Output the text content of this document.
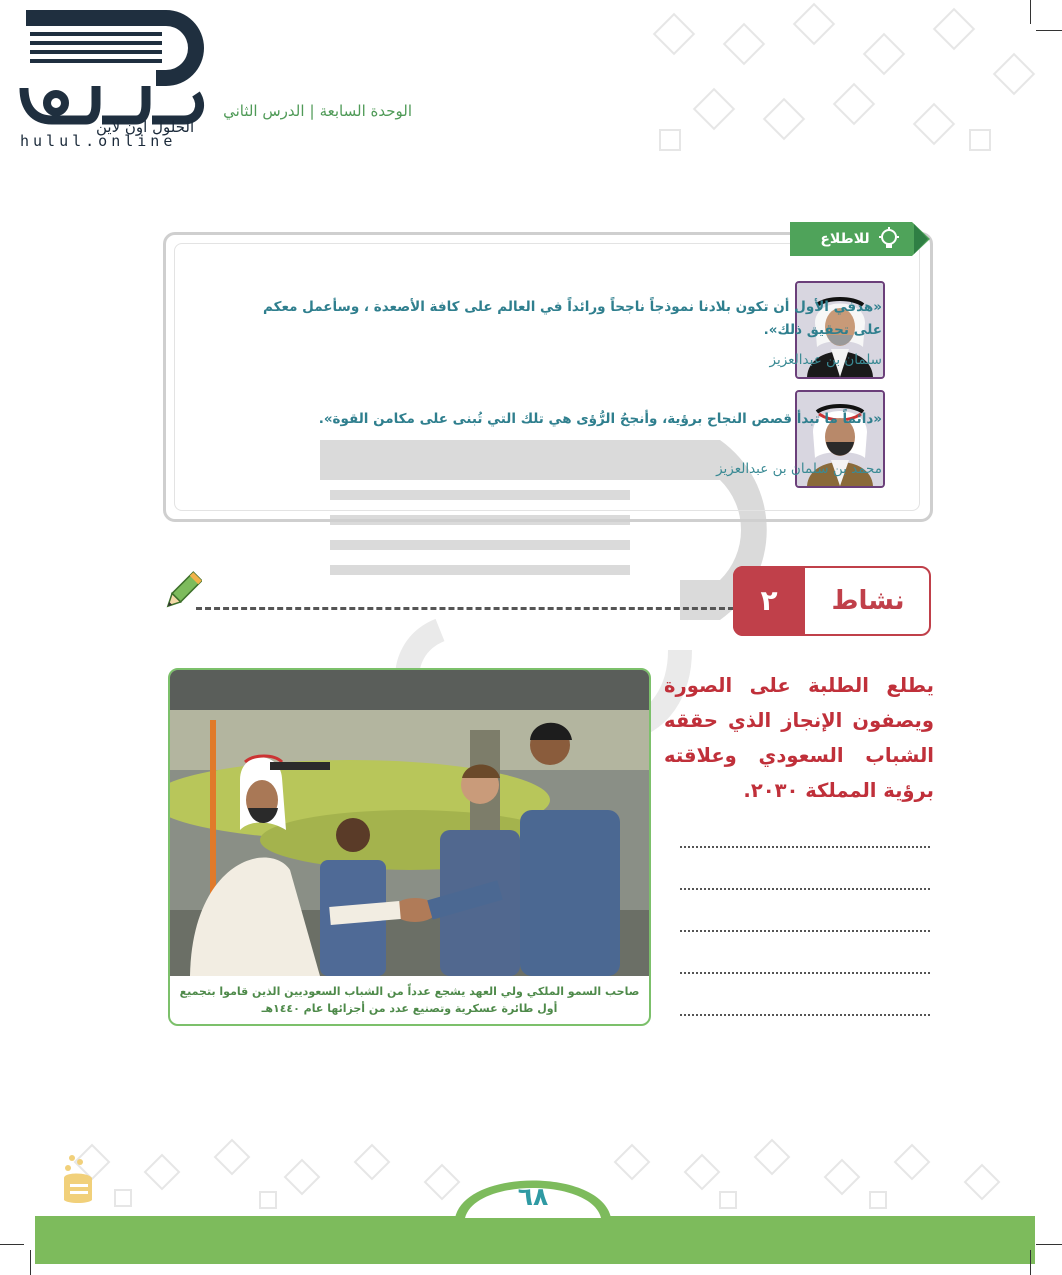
الحلول اون لاين
hulul.online
الوحدة السابعة|الدرس الثاني
للاطلاع
«هدفي الأول أن تكون بلادنا نموذجاً ناجحاً ورائداً في العالم على كافة الأصعدة ، وسأعمل معكم على تحقيق ذلك».
سلمان بن عبدالعزيز
«دائماً ما تبدأ قصص النجاح برؤية، وأنجحُ الرُّؤى هي تلك التي تُبنى على مكامن القوة».
محمد بن سلمان بن عبدالعزيز
٢	نشاط
صاحب السمو الملكي ولي العهد يشجع عدداً من الشباب السعوديين الذين قاموا بتجميع أول طائرة عسكرية وتصنيع عدد من أجزائها عام ١٤٤٠هـ
يطلع الطلبة على الصورة ويصفون الإنجاز الذي حققه الشباب السعودي وعلاقته برؤية المملكة ٢٠٣٠.
٦٨
